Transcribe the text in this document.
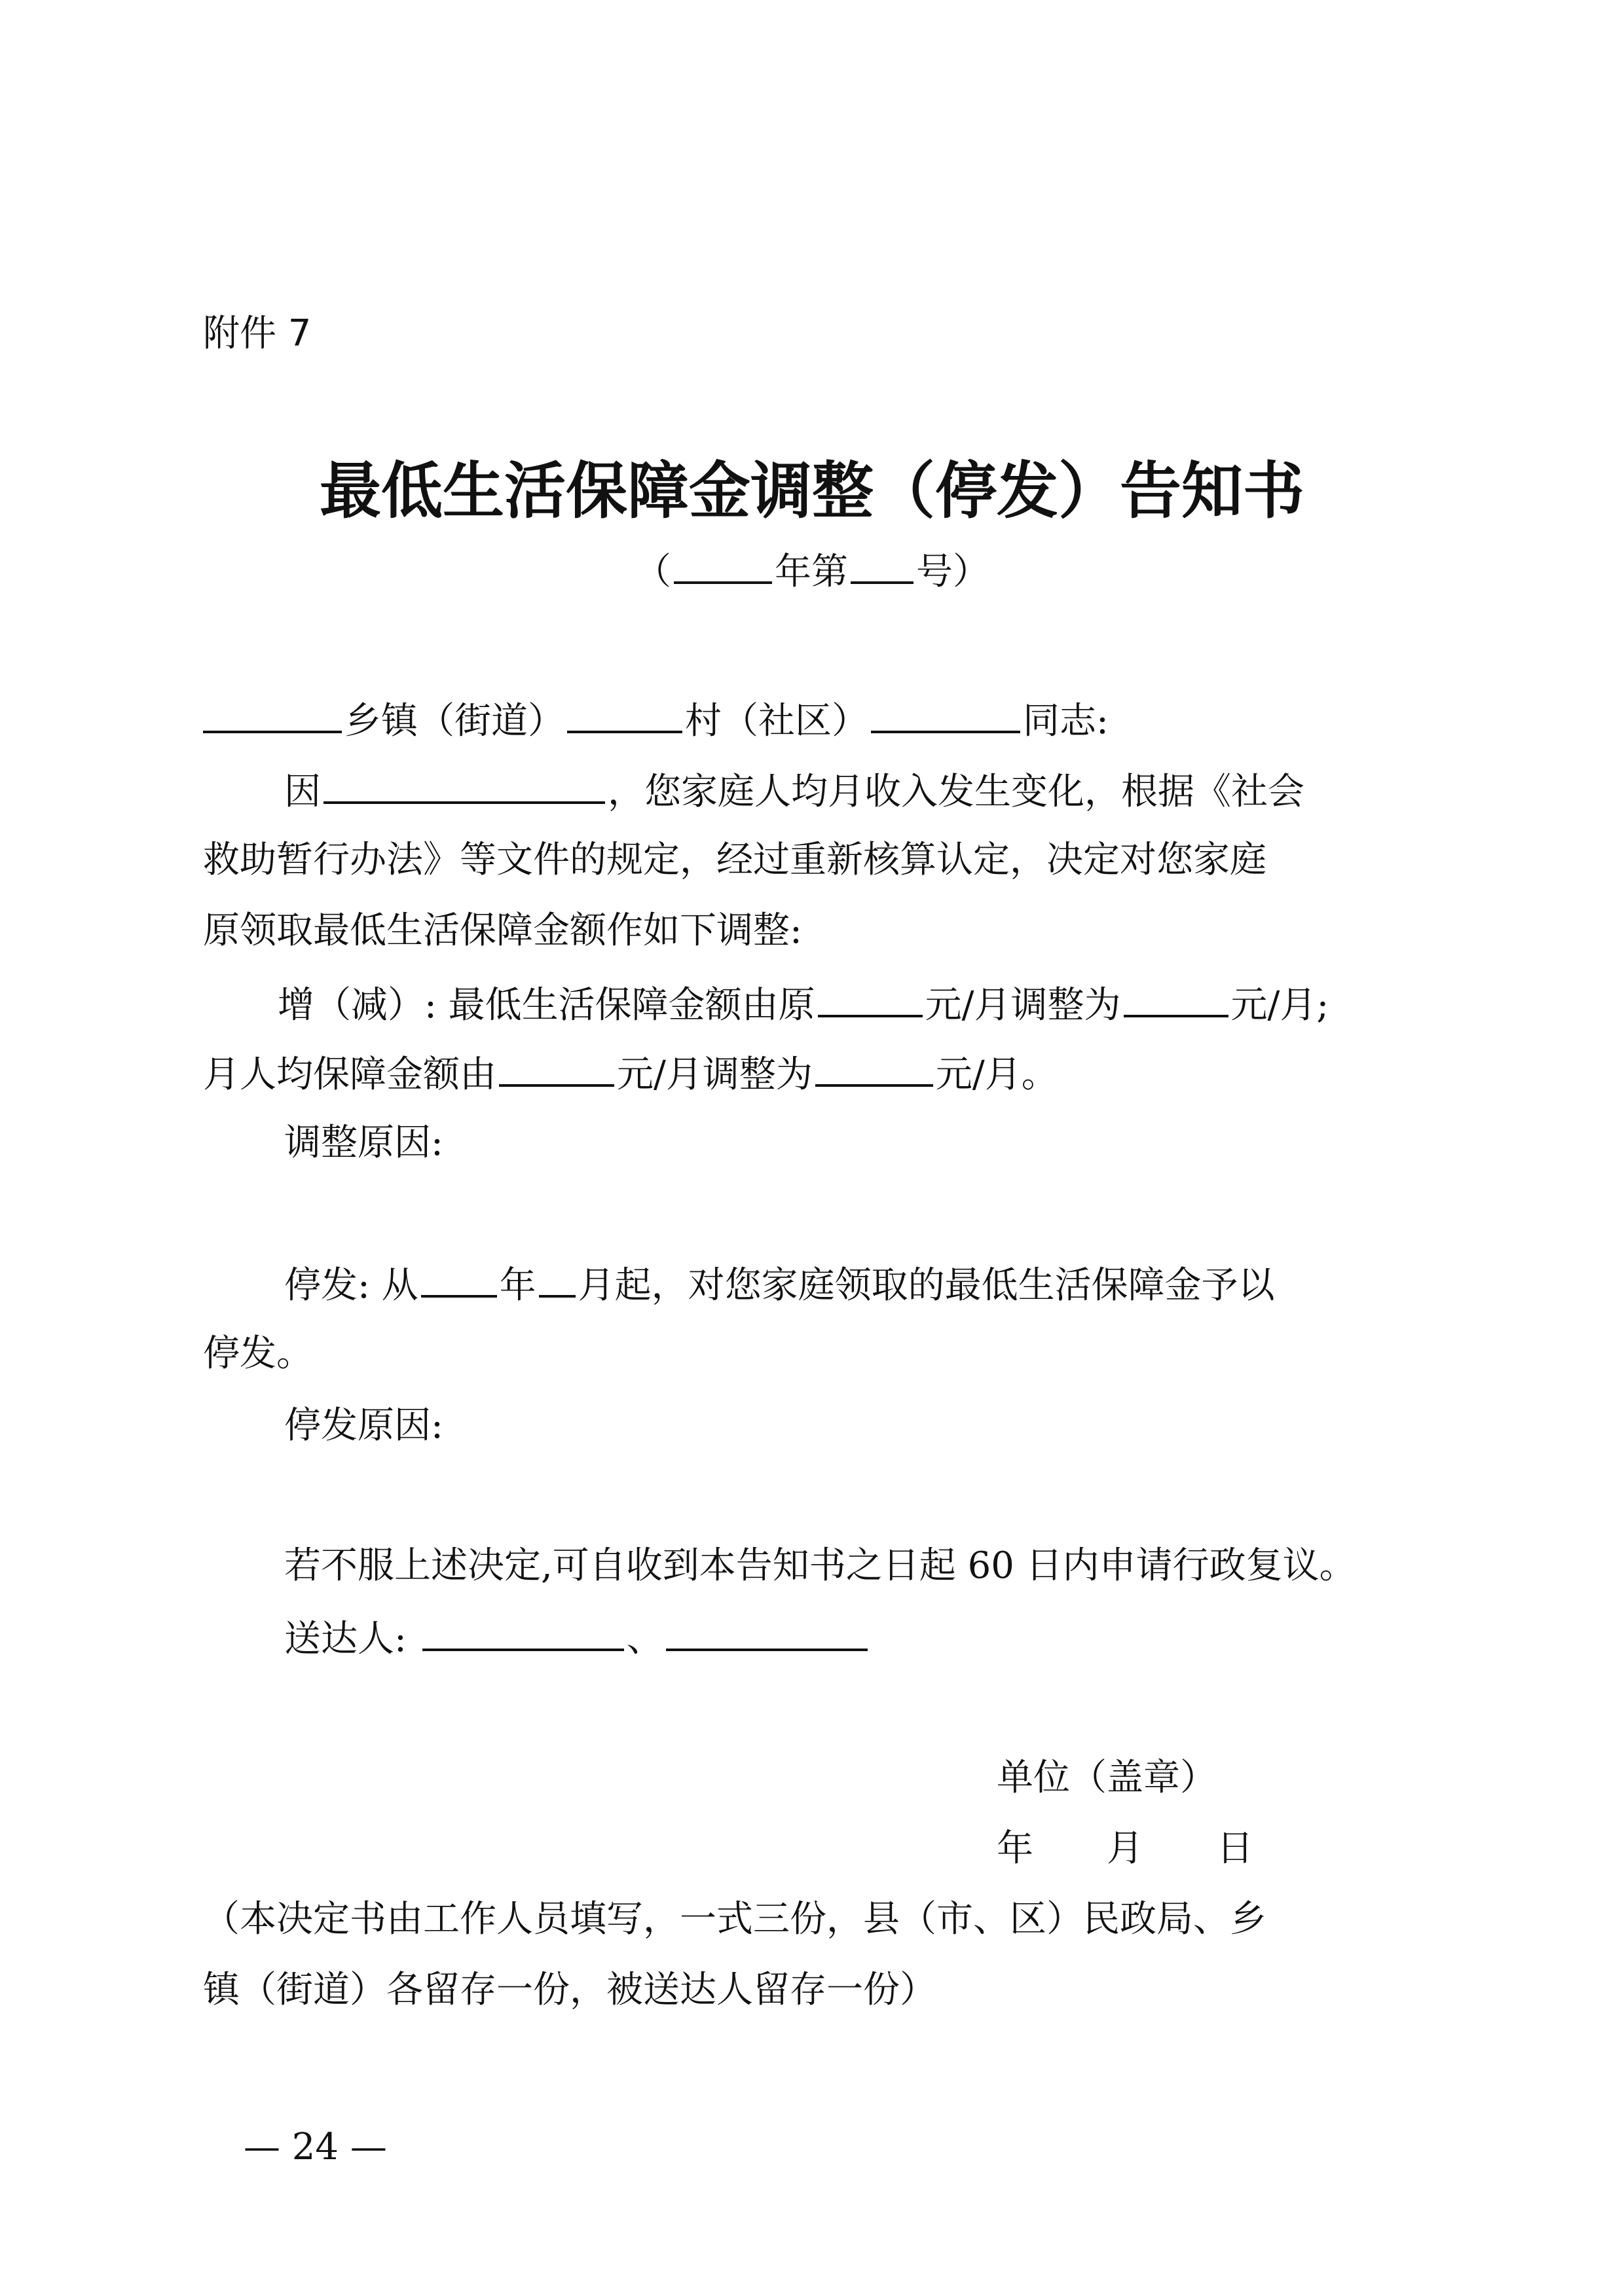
附件 7
最低生活保障金调整（停发）告知书
（	年第 号）
乡镇（街道）	村（社区）	同志:
因	，您家庭人均月收入发生变化，根据《社会
救助暂行办法》等文件的规定，经过重新核算认定，决定对您家庭
原领取最低生活保障金额作如下调整:
增（减）: 最低生活保障金额由原	元/月调整为	元/月;
月人均保障金额由	元/月调整为	元/月。
调整原因:
停发: 从 年 月起，对您家庭领取的最低生活保障金予以
停发。
停发原因:
若不服上述决定,可自收到本告知书之日起 60 日内申请行政复议。
送达人:	、
单位（盖章）
年　　月　　日
（本决定书由工作人员填写，一式三份，县（市、区）民政局、乡
镇（街道）各留存一份，被送达人留存一份）
— 24 —
